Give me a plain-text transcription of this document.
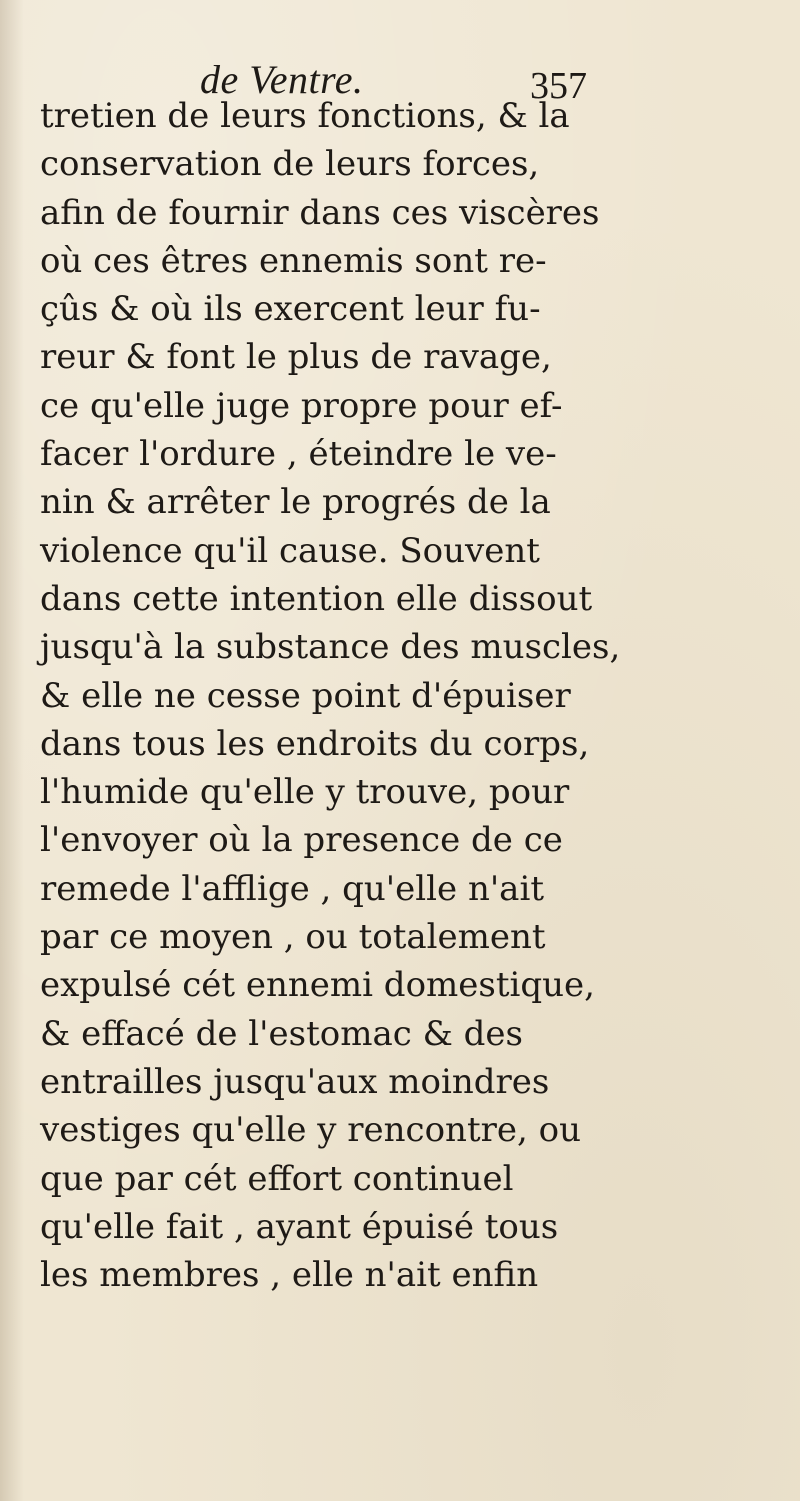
de Ventre.	357
tretien de leurs fonctions, & la
conservation de leurs forces,
afin de fournir dans ces viscères
où ces êtres ennemis sont re-
çûs & où ils exercent leur fu-
reur & font le plus de ravage,
ce qu'elle juge propre pour ef-
facer l'ordure , éteindre le ve-
nin & arrêter le progrés de la
violence qu'il cause. Souvent
dans cette intention elle dissout
jusqu'à la substance des muscles,
& elle ne cesse point d'épuiser
dans tous les endroits du corps,
l'humide qu'elle y trouve, pour
l'envoyer où la presence de ce
remede l'afflige , qu'elle n'ait
par ce moyen , ou totalement
expulsé cét ennemi domestique,
& effacé de l'estomac & des
entrailles jusqu'aux moindres
vestiges qu'elle y rencontre, ou
que par cét effort continuel
qu'elle fait , ayant épuisé tous
les membres , elle n'ait enfin
